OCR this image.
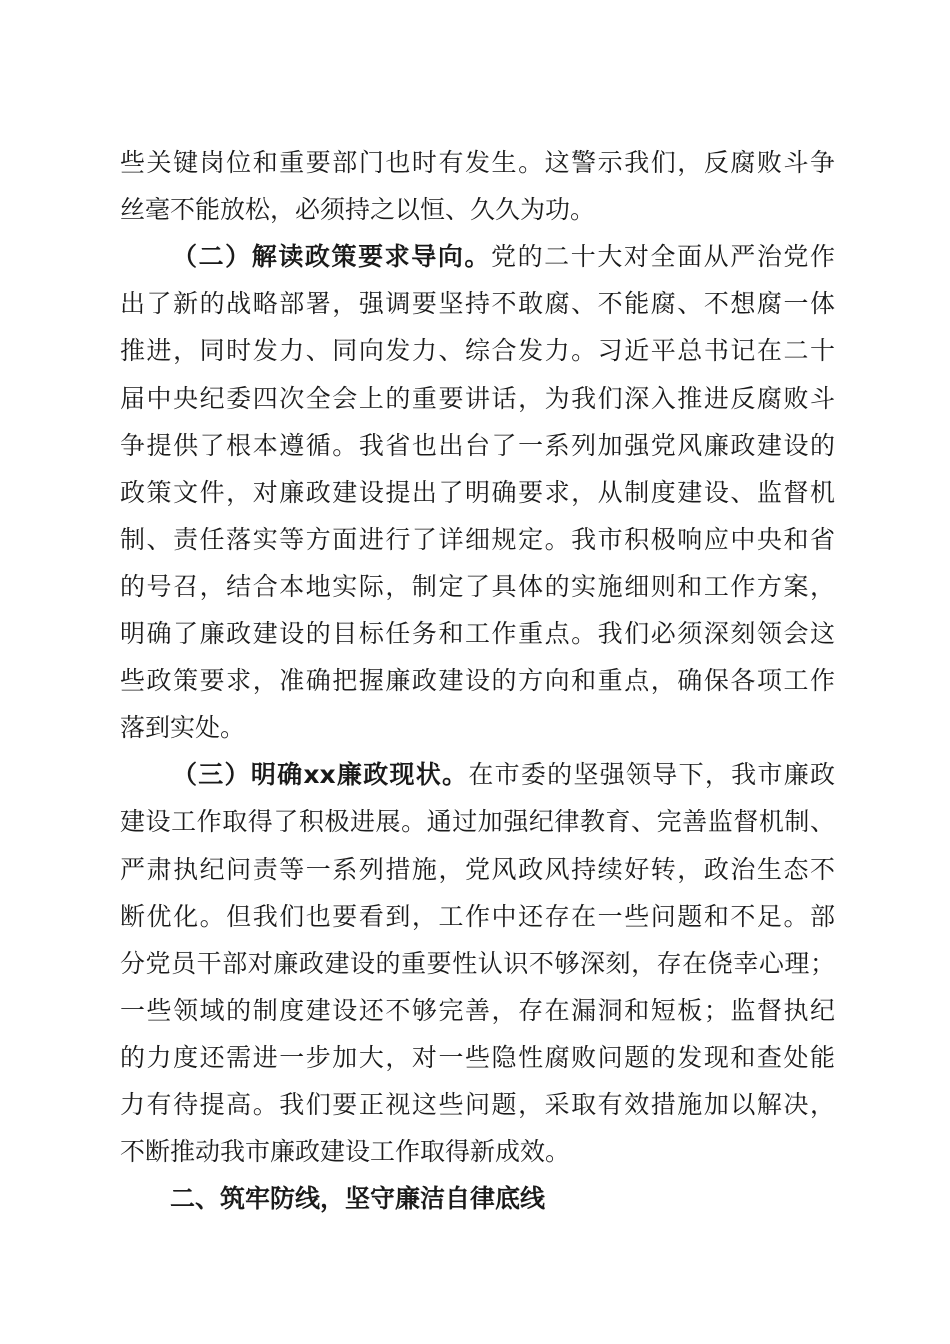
些关键岗位和重要部门也时有发生。这警示我们，反腐败斗争
丝毫不能放松，必须持之以恒、久久为功。
（二）解读政策要求导向。党的二十大对全面从严治党作
出了新的战略部署，强调要坚持不敢腐、不能腐、不想腐一体
推进，同时发力、同向发力、综合发力。习近平总书记在二十
届中央纪委四次全会上的重要讲话，为我们深入推进反腐败斗
争提供了根本遵循。我省也出台了一系列加强党风廉政建设的
政策文件，对廉政建设提出了明确要求，从制度建设、监督机
制、责任落实等方面进行了详细规定。我市积极响应中央和省
的号召，结合本地实际，制定了具体的实施细则和工作方案，
明确了廉政建设的目标任务和工作重点。我们必须深刻领会这
些政策要求，准确把握廉政建设的方向和重点，确保各项工作
落到实处。
（三）明确xx廉政现状。在市委的坚强领导下，我市廉政
建设工作取得了积极进展。通过加强纪律教育、完善监督机制、
严肃执纪问责等一系列措施，党风政风持续好转，政治生态不
断优化。但我们也要看到，工作中还存在一些问题和不足。部
分党员干部对廉政建设的重要性认识不够深刻，存在侥幸心理；
一些领域的制度建设还不够完善，存在漏洞和短板；监督执纪
的力度还需进一步加大，对一些隐性腐败问题的发现和查处能
力有待提高。我们要正视这些问题，采取有效措施加以解决，
不断推动我市廉政建设工作取得新成效。
二、筑牢防线，坚守廉洁自律底线
